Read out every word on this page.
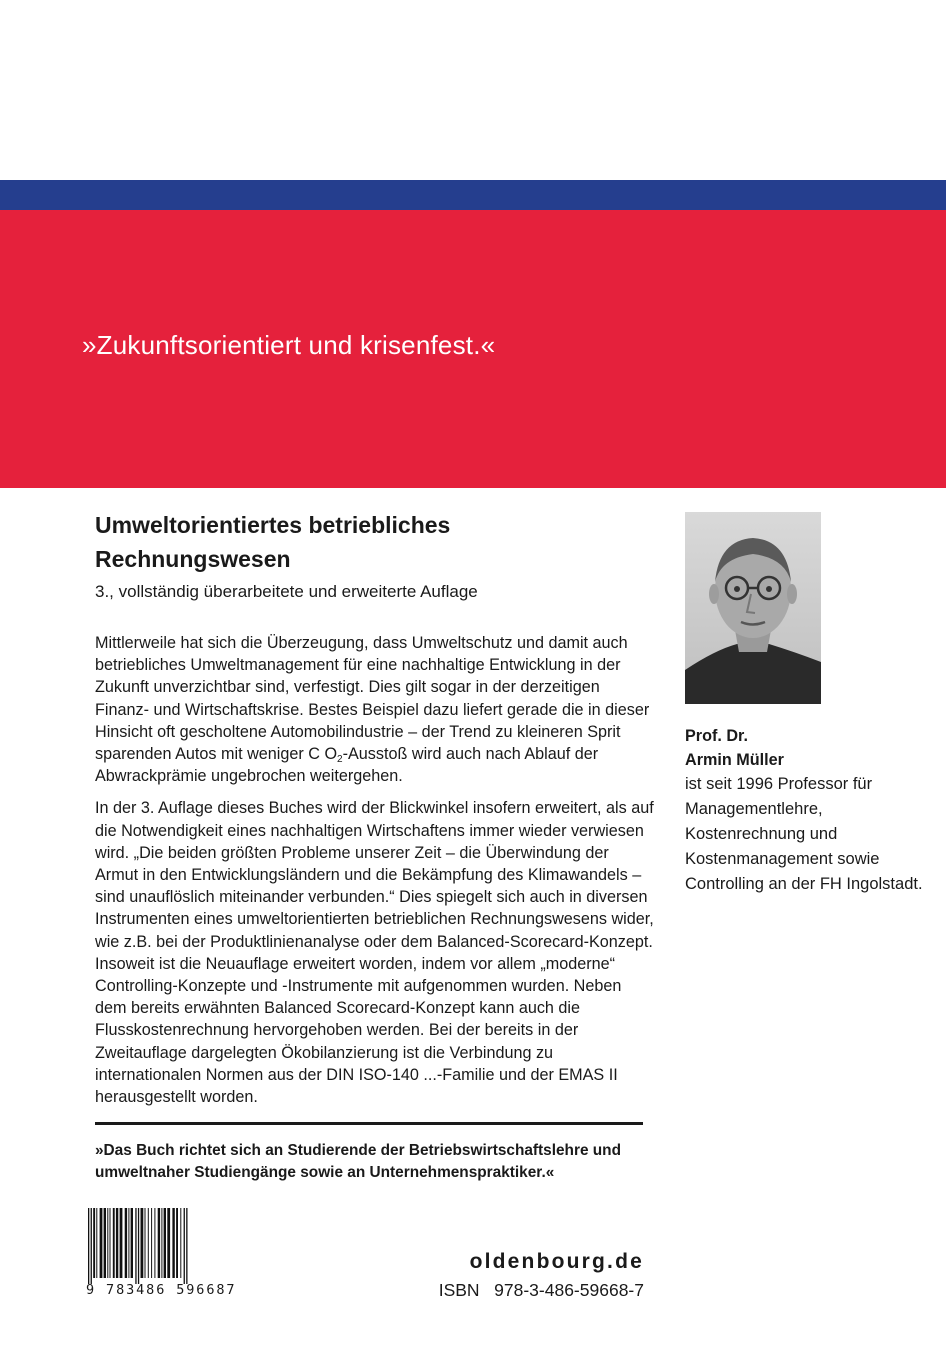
»Zukunftsorientiert und krisenfest.«
Umweltorientiertes betriebliches
Rechnungswesen
3., vollständig überarbeitete und erweiterte Auflage

Mittlerweile hat sich die Überzeugung, dass Umweltschutz und damit auch betriebliches Umweltmanagement für eine nachhaltige Entwicklung in der Zukunft unverzichtbar sind, verfestigt. Dies gilt sogar in der derzeitigen Finanz- und Wirtschaftskrise. Bestes Beispiel dazu liefert gerade die in dieser Hinsicht oft gescholtene Automobilindustrie – der Trend zu kleineren Sprit sparenden Autos mit weniger C $O_2$-Ausstoß wird auch nach Ablauf der Abwrackprämie ungebrochen weitergehen.

In der 3. Auflage dieses Buches wird der Blickwinkel insofern erweitert, als auf die Notwendigkeit eines nachhaltigen Wirtschaftens immer wieder verwiesen wird. „Die beiden größten Probleme unserer Zeit – die Überwindung der Armut in den Entwicklungsländern und die Bekämpfung des Klimawandels – sind unauflöslich miteinander verbunden.“ Dies spiegelt sich auch in diversen Instrumenten eines umweltorientierten betrieblichen Rechnungswesens wider, wie z.B. bei der Produktlinienanalyse oder dem Balanced-Scorecard-Konzept. Insoweit ist die Neuauflage erweitert worden, indem vor allem „moderne“ Controlling-Konzepte und -Instrumente mit aufgenommen wurden. Neben dem bereits erwähnten Balanced Scorecard-Konzept kann auch die Flusskostenrechnung hervorgehoben werden. Bei der bereits in der Zweitauflage dargelegten Ökobilanzierung ist die Verbindung zu internationalen Normen aus der DIN ISO-140 ...-Familie und der EMAS II herausgestellt worden.

»Das Buch richtet sich an Studierende der Betriebswirtschaftslehre und umweltnaher Studiengänge sowie an Unternehmenspraktiker.«
Prof. Dr.
Armin Müller
ist seit 1996 Professor für Managementlehre, Kostenrechnung und Kostenmanagement sowie Controlling an der FH Ingolstadt.
9 783486 596687
oldenbourg.de
ISBN   978-3-486-59668-7
